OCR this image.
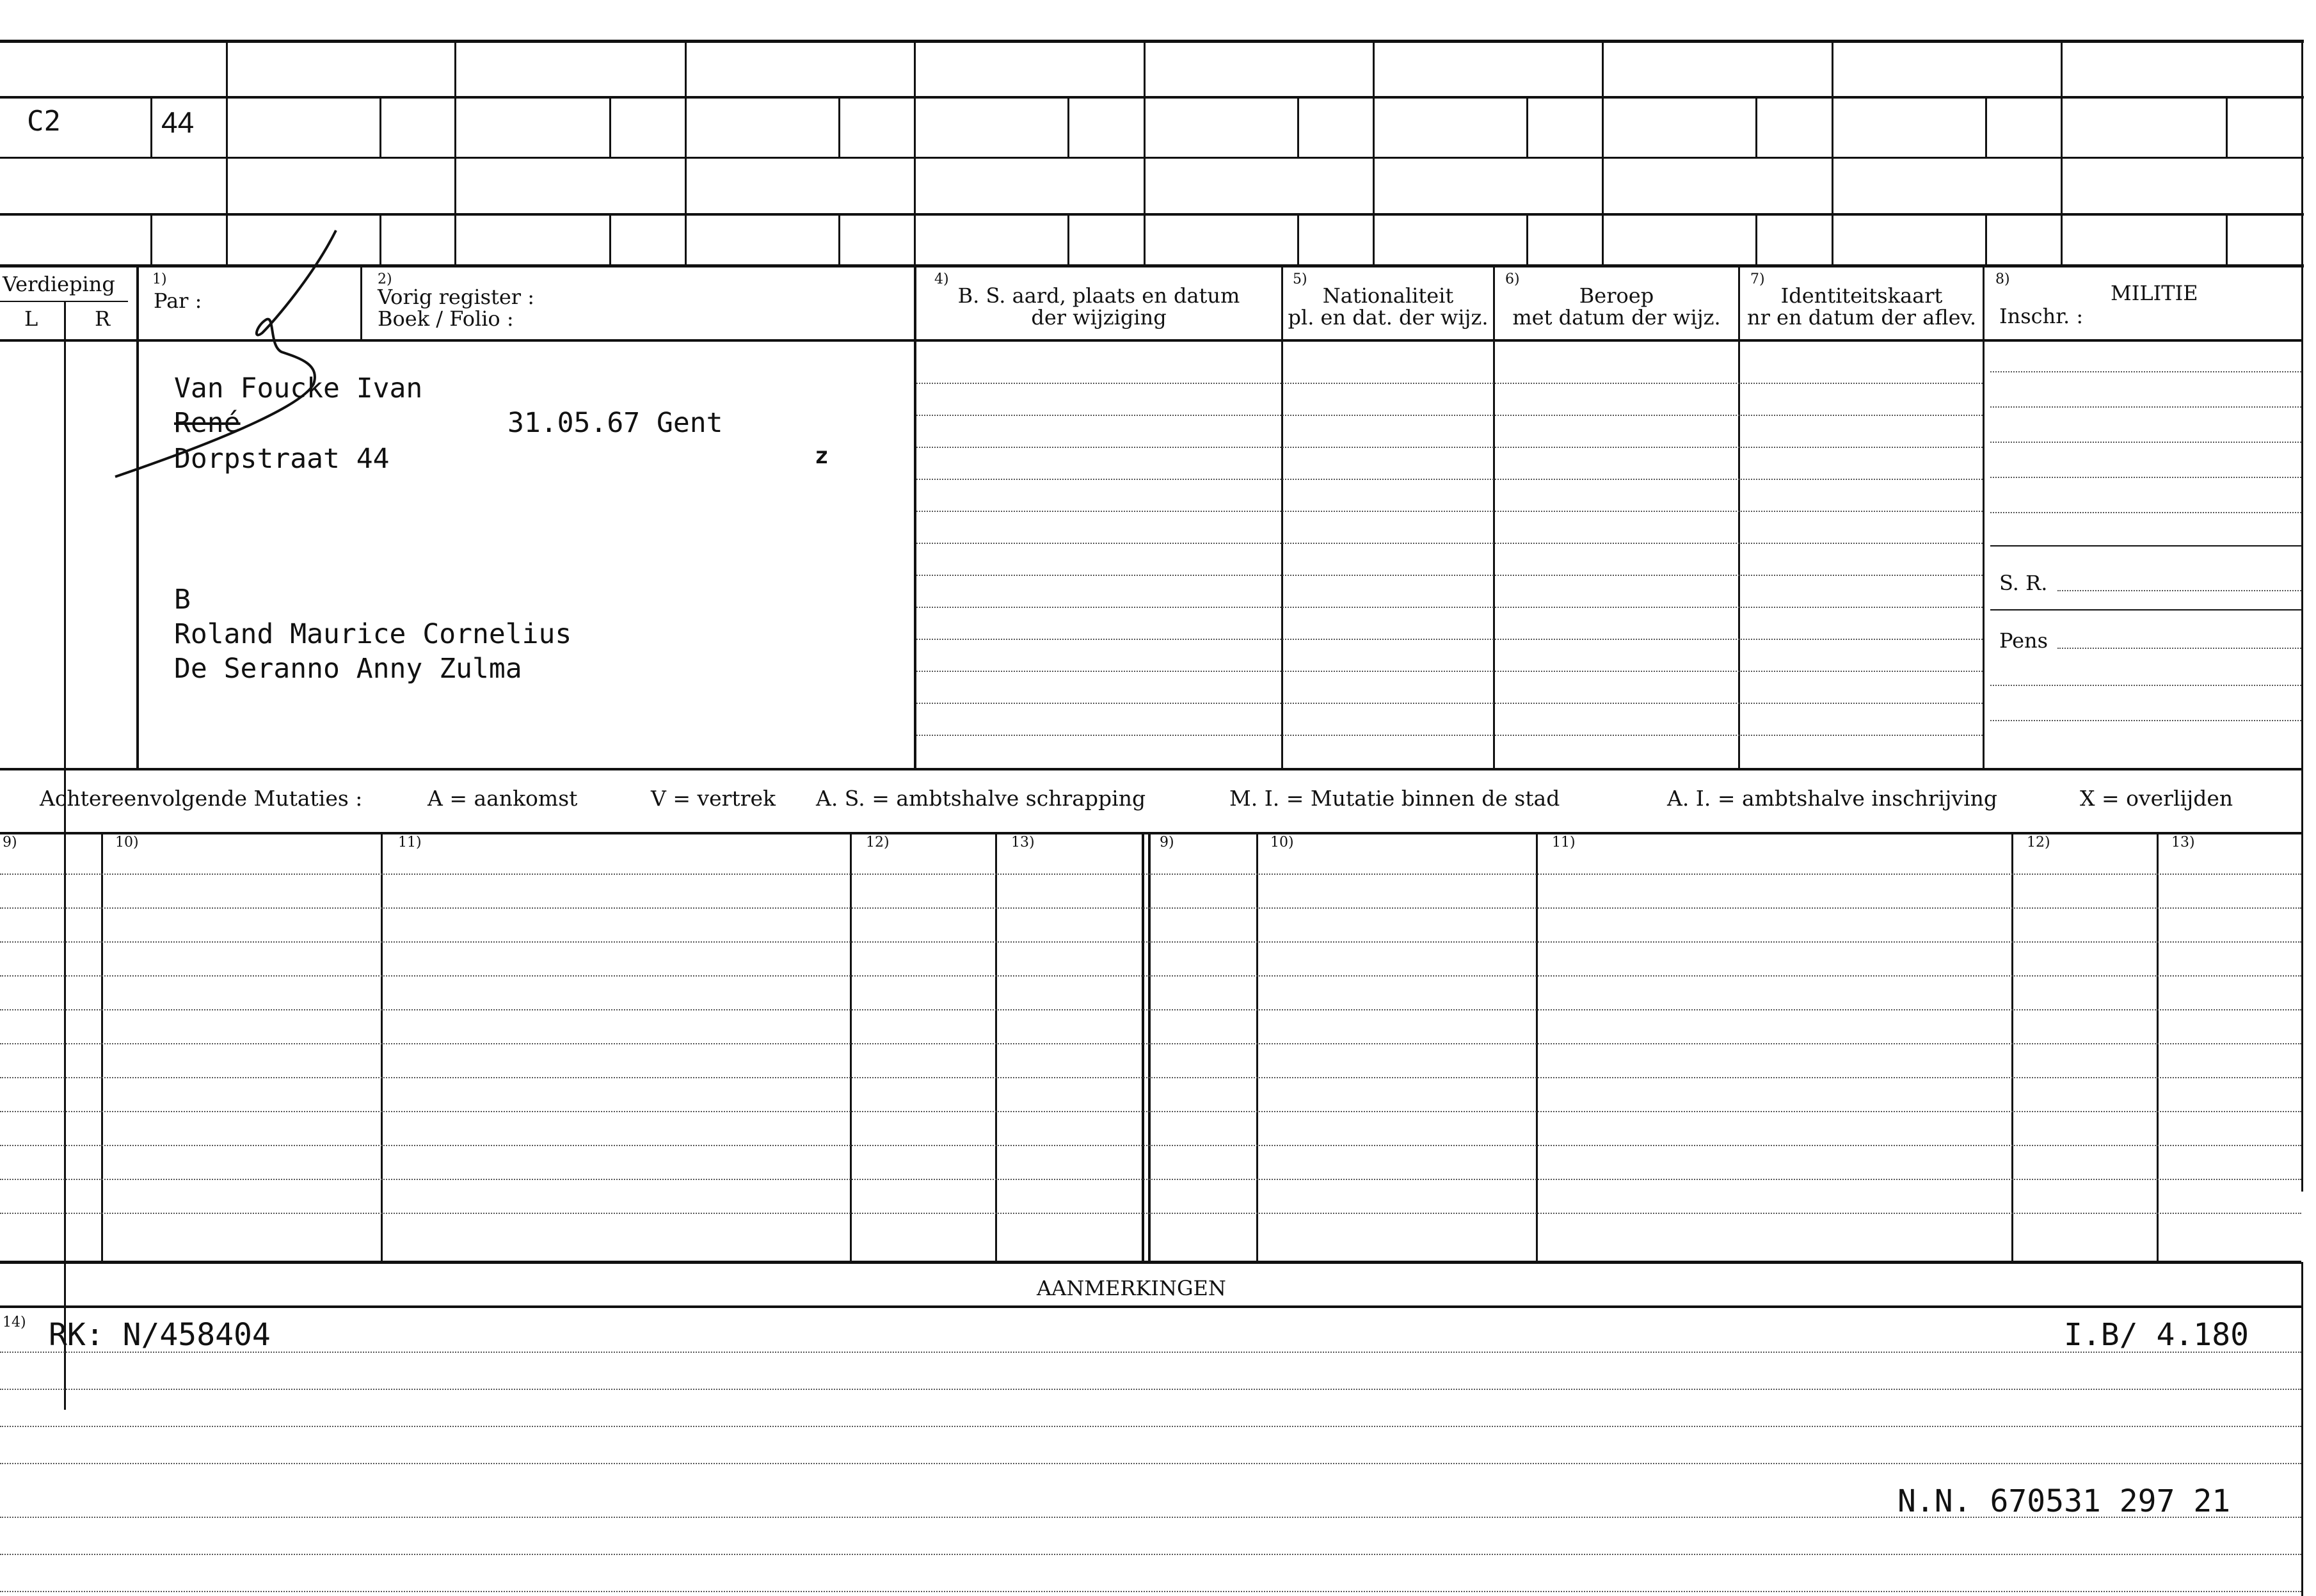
C2	44
Verdieping
L	R
1)
Par :
2)
Vorig register :
Boek / Folio :
4)
B. S. aard, plaats en datum
der wijziging
5)
Nationaliteit
pl. en dat. der wijz.
6)
Beroep
met datum der wijz.
7)
Identiteitskaart
nr en datum der aflev.
8)
MILITIE
Inschr. :
S. R.
Pens
Van Foucke Ivan
René	31.05.67 Gent
Dorpstraat 44	z
B
Roland Maurice Cornelius
De Seranno Anny Zulma
Achtereenvolgende Mutaties :	A = aankomst	V = vertrek A. S. = ambtshalve schrapping	M. I. = Mutatie binnen de stad	A. I. = ambtshalve inschrijving	X = overlijden
9)	10)	11)	12)	13)	9)	10)	11)	12)	13)
AANMERKINGEN
14) RK: N/458404	I.B/ 4.180
N.N. 670531 297 21
